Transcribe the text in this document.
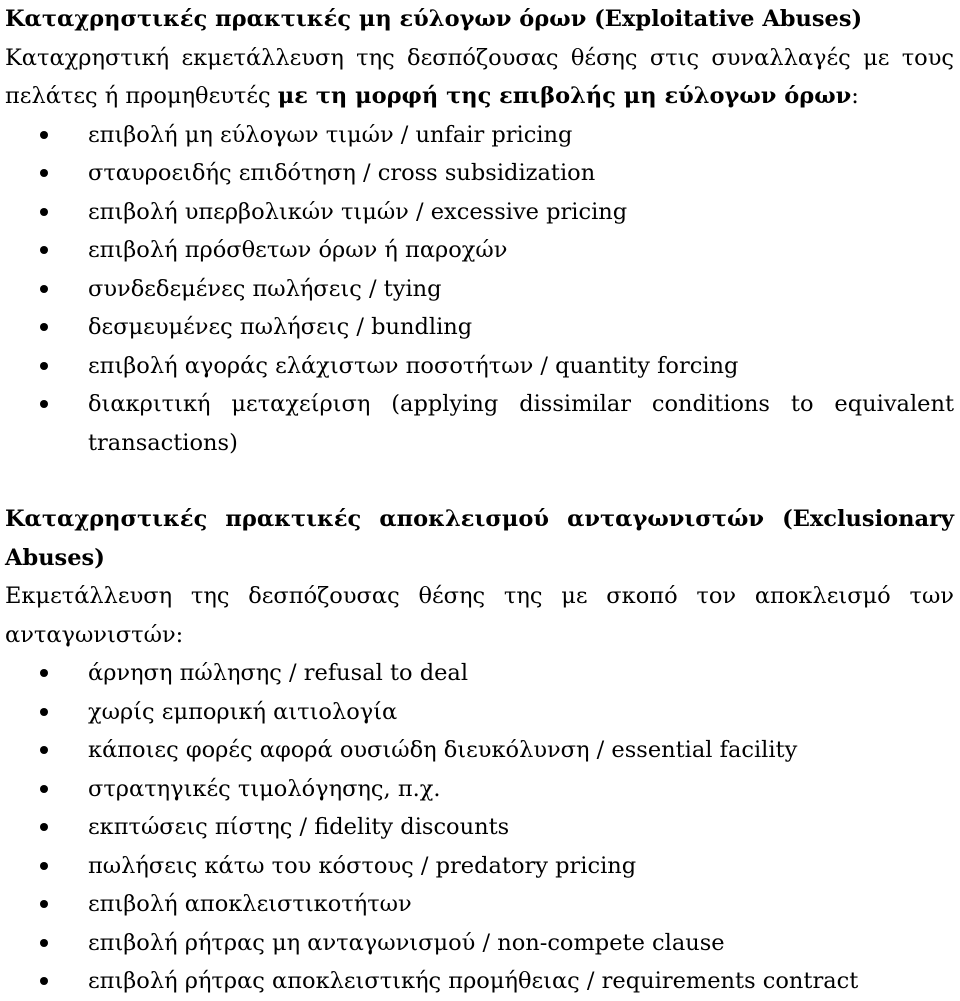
Καταχρηστικές πρακτικές μη εύλογων όρων (Exploitative Abuses)

Καταχρηστική εκμετάλλευση της δεσπόζουσας θέσης στις συναλλαγές με τους πελάτες ή προμηθευτές με τη μορφή της επιβολής μη εύλογων όρων:

επιβολή μη εύλογων τιμών / unfair pricing
σταυροειδής επιδότηση / cross subsidization
επιβολή υπερβολικών τιμών / excessive pricing
επιβολή πρόσθετων όρων ή παροχών
συνδεδεμένες πωλήσεις / tying
δεσμευμένες πωλήσεις / bundling
επιβολή αγοράς ελάχιστων ποσοτήτων / quantity forcing
διακριτική μεταχείριση (applying dissimilar conditions to equivalent transactions)

Καταχρηστικές πρακτικές αποκλεισμού ανταγωνιστών (Exclusionary Abuses)

Εκμετάλλευση της δεσπόζουσας θέσης της με σκοπό τον αποκλεισμό των ανταγωνιστών:

άρνηση πώλησης / refusal to deal
χωρίς εμπορική αιτιολογία
κάποιες φορές αφορά ουσιώδη διευκόλυνση / essential facility
στρατηγικές τιμολόγησης, π.χ.
εκπτώσεις πίστης / fidelity discounts
πωλήσεις κάτω του κόστους / predatory pricing
επιβολή αποκλειστικοτήτων
επιβολή ρήτρας μη ανταγωνισμού / non-compete clause
επιβολή ρήτρας αποκλειστικής προμήθειας / requirements contract
